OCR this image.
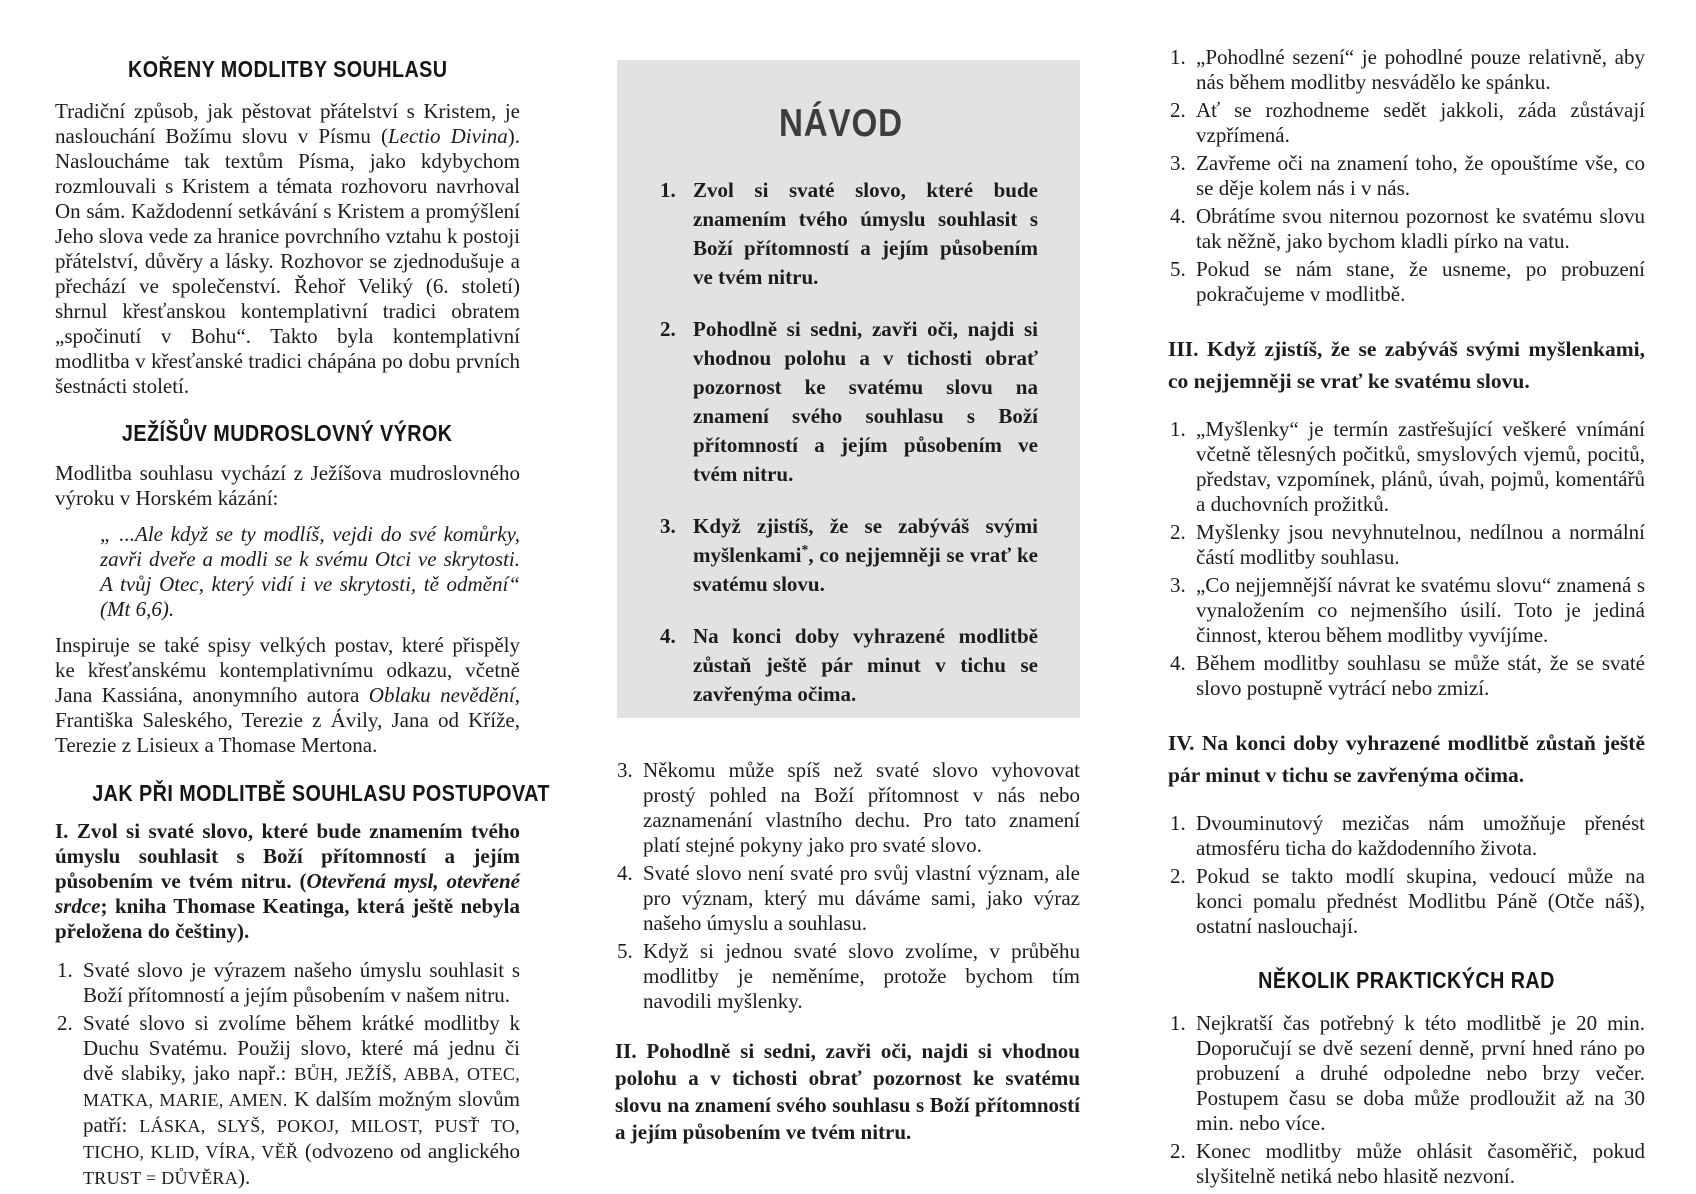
KOŘENY MODLITBY SOUHLASU

Tradiční způsob, jak pěstovat přátelství s Kristem, je naslouchání Božímu slovu v Písmu (Lectio Divina). Nasloucháme tak textům Písma, jako kdybychom rozmlouvali s Kristem a témata rozhovoru navrhoval On sám. Každodenní setkávání s Kristem a promýšlení Jeho slova vede za hranice povrchního vztahu k postoji přátelství, důvěry a lásky. Rozhovor se zjednodušuje a přechází ve společenství. Řehoř Veliký (6. století) shrnul křesťanskou kontemplativní tradici obratem „spočinutí v Bohu“. Takto byla kontemplativní modlitba v křesťanské tradici chápána po dobu prvních šestnácti století.

JEŽÍŠŮV MUDROSLOVNÝ VÝROK

Modlitba souhlasu vychází z Ježíšova mudroslovného výroku v Horském kázání:

„ ...Ale když se ty modlíš, vejdi do své komůrky, zavři dveře a modli se k svému Otci ve skrytosti. A tvůj Otec, který vidí i ve skrytosti, tě odmění“ (Mt 6,6).

Inspiruje se také spisy velkých postav, které přispěly ke křesťanskému kontemplativnímu odkazu, včetně Jana Kassiána, anonymního autora Oblaku nevědění, Františka Saleského, Terezie z Ávily, Jana od Kříže, Terezie z Lisieux a Thomase Mertona.

JAK PŘI MODLITBĚ SOUHLASU POSTUPOVAT

I. Zvol si svaté slovo, které bude znamením tvého úmyslu souhlasit s Boží přítomností a jejím působením ve tvém nitru. (Otevřená mysl, otevřené srdce; kniha Thomase Keatinga, která ještě nebyla přeložena do češtiny).

1. Svaté slovo je výrazem našeho úmyslu souhlasit s Boží přítomností a jejím působením v našem nitru.
2. Svaté slovo si zvolíme během krátké modlitby k Duchu Svatému. Použij slovo, které má jednu či dvě slabiky, jako např.: BŮH, JEŽÍŠ, ABBA, OTEC, MATKA, MARIE, AMEN. K dalším možným slovům patří: LÁSKA, SLYŠ, POKOJ, MILOST, PUSŤ TO, TICHO, KLID, VÍRA, VĚŘ (odvozeno od anglického TRUST = DŮVĚRA).
NÁVOD
1. Zvol si svaté slovo, které bude znamením tvého úmyslu souhlasit s Boží přítomností a jejím působením ve tvém nitru.
2. Pohodlně si sedni, zavři oči, najdi si vhodnou polohu a v tichosti obrať pozornost ke svatému slovu na znamení svého souhlasu s Boží přítomností a jejím působením ve tvém nitru.
3. Když zjistíš, že se zabýváš svými myšlenkami*, co nejjemněji se vrať ke svatému slovu.
4. Na konci doby vyhrazené modlitbě zůstaň ještě pár minut v tichu se zavřenýma očima.

3. Někomu může spíš než svaté slovo vyhovovat prostý pohled na Boží přítomnost v nás nebo zaznamenání vlastního dechu. Pro tato znamení platí stejné pokyny jako pro svaté slovo.
4. Svaté slovo není svaté pro svůj vlastní význam, ale pro význam, který mu dáváme sami, jako výraz našeho úmyslu a souhlasu.
5. Když si jednou svaté slovo zvolíme, v průběhu modlitby je neměníme, protože bychom tím navodili myšlenky.

II. Pohodlně si sedni, zavři oči, najdi si vhodnou polohu a v tichosti obrať pozornost ke svatému slovu na znamení svého souhlasu s Boží přítomností a jejím působením ve tvém nitru.

1. „Pohodlné sezení“ je pohodlné pouze relativně, aby nás během modlitby nesvádělo ke spánku.
2. Ať se rozhodneme sedět jakkoli, záda zůstávají vzpřímená.
3. Zavřeme oči na znamení toho, že opouštíme vše, co se děje kolem nás i v nás.
4. Obrátíme svou niternou pozornost ke svatému slovu tak něžně, jako bychom kladli pírko na vatu.
5. Pokud se nám stane, že usneme, po probuzení pokračujeme v modlitbě.

III. Když zjistíš, že se zabýváš svými myšlenkami, co nejjemněji se vrať ke svatému slovu.

1. „Myšlenky“ je termín zastřešující veškeré vnímání včetně tělesných počitků, smyslových vjemů, pocitů, představ, vzpomínek, plánů, úvah, pojmů, komentářů a duchovních prožitků.
2. Myšlenky jsou nevyhnutelnou, nedílnou a normální částí modlitby souhlasu.
3. „Co nejjemnější návrat ke svatému slovu“ znamená s vynaložením co nejmenšího úsilí. Toto je jediná činnost, kterou během modlitby vyvíjíme.
4. Během modlitby souhlasu se může stát, že se svaté slovo postupně vytrácí nebo zmizí.

IV. Na konci doby vyhrazené modlitbě zůstaň ještě pár minut v tichu se zavřenýma očima.

1. Dvouminutový mezičas nám umožňuje přenést atmosféru ticha do každodenního života.
2. Pokud se takto modlí skupina, vedoucí může na konci pomalu přednést Modlitbu Páně (Otče náš), ostatní naslouchají.
NĚKOLIK PRAKTICKÝCH RAD
1. Nejkratší čas potřebný k této modlitbě je 20 min. Doporučují se dvě sezení denně, první hned ráno po probuzení a druhé odpoledne nebo brzy večer. Postupem času se doba může prodloužit až na 30 min. nebo více.
2. Konec modlitby může ohlásit časoměřič, pokud slyšitelně netiká nebo hlasitě nezvoní.
